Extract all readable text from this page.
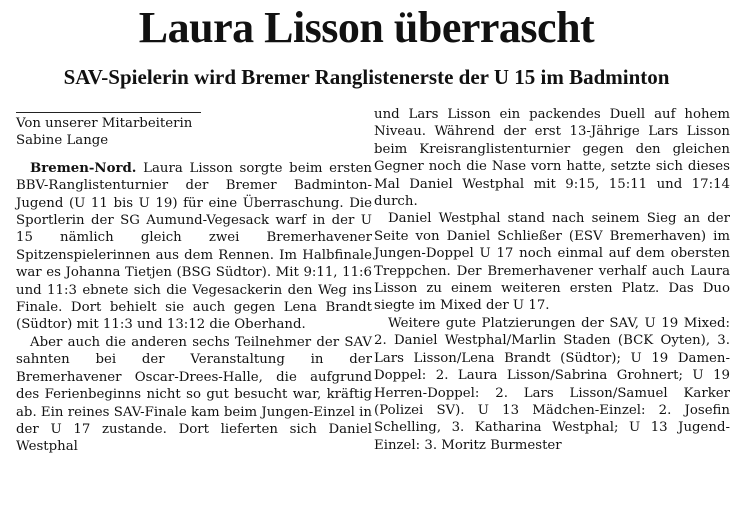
Laura Lisson überrascht
SAV-Spielerin wird Bremer Ranglistenerste der U 15 im Badminton
Von unserer Mitarbeiterin
Sabine Lange

Bremen-Nord. Laura Lisson sorgte beim ersten BBV-Ranglistenturnier der Bremer Badminton-Jugend (U 11 bis U 19) für eine Überraschung. Die Sportlerin der SG Aumund-Vegesack warf in der U 15 nämlich gleich zwei Bremerhavener Spitzenspielerinnen aus dem Rennen. Im Halbfinale war es Johanna Tietjen (BSG Südtor). Mit 9:11, 11:6 und 11:3 ebnete sich die Vegesackerin den Weg ins Finale. Dort behielt sie auch gegen Lena Brandt (Südtor) mit 11:3 und 13:12 die Oberhand.

Aber auch die anderen sechs Teilnehmer der SAV sahnten bei der Veranstaltung in der Bremerhavener Oscar-Drees-Halle, die aufgrund des Ferienbeginns nicht so gut besucht war, kräftig ab. Ein reines SAV-Finale kam beim Jungen-Einzel in der U 17 zustande. Dort lieferten sich Daniel Westphal

und Lars Lisson ein packendes Duell auf hohem Niveau. Während der erst 13-Jährige Lars Lisson beim Kreisranglistenturnier gegen den gleichen Gegner noch die Nase vorn hatte, setzte sich dieses Mal Daniel Westphal mit 9:15, 15:11 und 17:14 durch.

Daniel Westphal stand nach seinem Sieg an der Seite von Daniel Schließer (ESV Bremerhaven) im Jungen-Doppel U 17 noch einmal auf dem obersten Treppchen. Der Bremerhavener verhalf auch Laura Lisson zu einem weiteren ersten Platz. Das Duo siegte im Mixed der U 17.

Weitere gute Platzierungen der SAV, U 19 Mixed: 2. Daniel Westphal/Marlin Staden (BCK Oyten), 3. Lars Lisson/Lena Brandt (Südtor); U 19 Damen-Doppel: 2. Laura Lisson/Sabrina Grohnert; U 19 Herren-Doppel: 2. Lars Lisson/Samuel Karker (Polizei SV). U 13 Mädchen-Einzel: 2. Josefin Schelling, 3. Katharina Westphal; U 13 Jugend-Einzel: 3. Moritz Burmester
